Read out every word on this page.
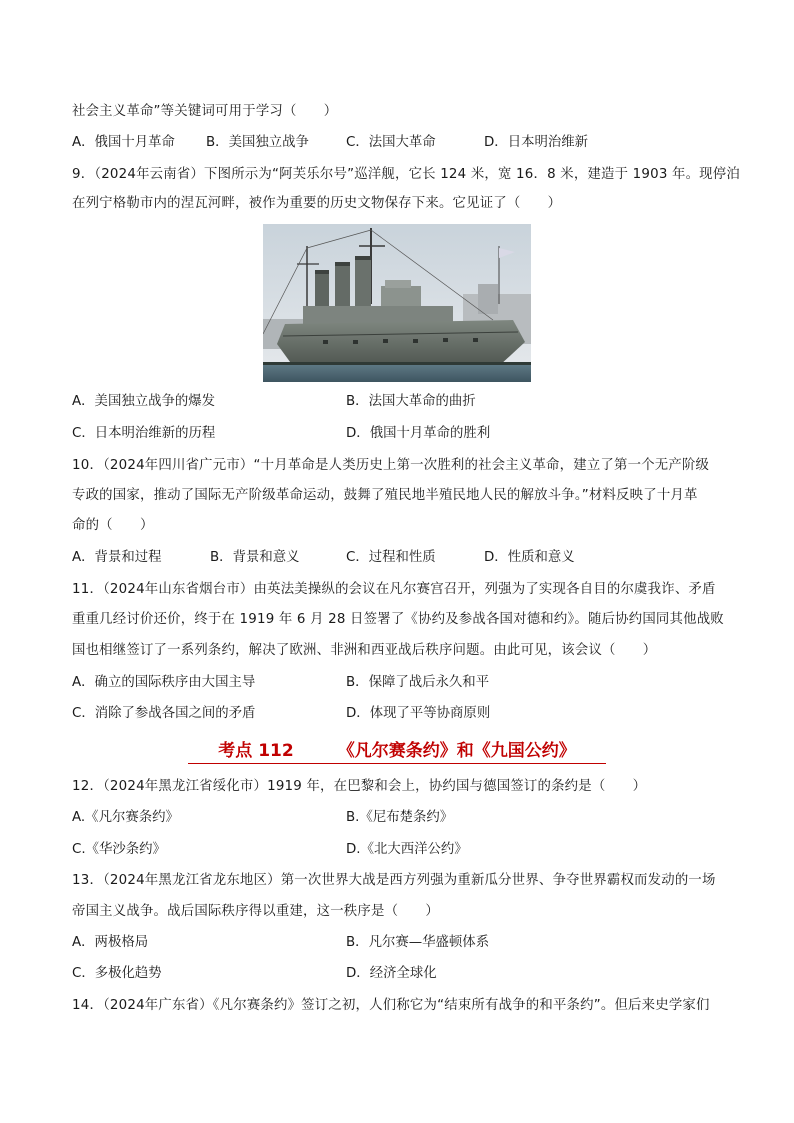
社会主义革命”等关键词可用于学习（　　）
A．俄国十月革命 B．美国独立战争	C．法国大革命	D．日本明治维新
9．（2024年云南省）下图所示为“阿芙乐尔号”巡洋舰，它长 124 米，宽 16．8 米，建造于 1903 年。现停泊
在列宁格勒市内的涅瓦河畔，被作为重要的历史文物保存下来。它见证了（　　）
A．美国独立战争的爆发	B．法国大革命的曲折
C．日本明治维新的历程	D．俄国十月革命的胜利
10．（2024年四川省广元市）“十月革命是人类历史上第一次胜利的社会主义革命，建立了第一个无产阶级
专政的国家，推动了国际无产阶级革命运动，鼓舞了殖民地半殖民地人民的解放斗争。”材料反映了十月革
命的（　　）
A．背景和过程	B．背景和意义	C．过程和性质	D．性质和意义
11．（2024年山东省烟台市）由英法美操纵的会议在凡尔赛宫召开，列强为了实现各自目的尔虞我诈、矛盾
重重几经讨价还价，终于在 1919 年 6 月 28 日签署了《协约及参战各国对德和约》。随后协约国同其他战败
国也相继签订了一系列条约，解决了欧洲、非洲和西亚战后秩序问题。由此可见，该会议（　　）
A．确立的国际秩序由大国主导	B．保障了战后永久和平
C．消除了参战各国之间的矛盾	D．体现了平等协商原则
考点 112	《凡尔赛条约》和《九国公约》
12．（2024年黑龙江省绥化市）1919 年，在巴黎和会上，协约国与德国签订的条约是（　　）
A.《凡尔赛条约》	B.《尼布楚条约》
C.《华沙条约》	D.《北大西洋公约》
13．（2024年黑龙江省龙东地区）第一次世界大战是西方列强为重新瓜分世界、争夺世界霸权而发动的一场
帝国主义战争。战后国际秩序得以重建，这一秩序是（　　）
A．两极格局	B．凡尔赛—华盛顿体系
C．多极化趋势	D．经济全球化
14．（2024年广东省）《凡尔赛条约》签订之初，人们称它为“结束所有战争的和平条约”。但后来史学家们
